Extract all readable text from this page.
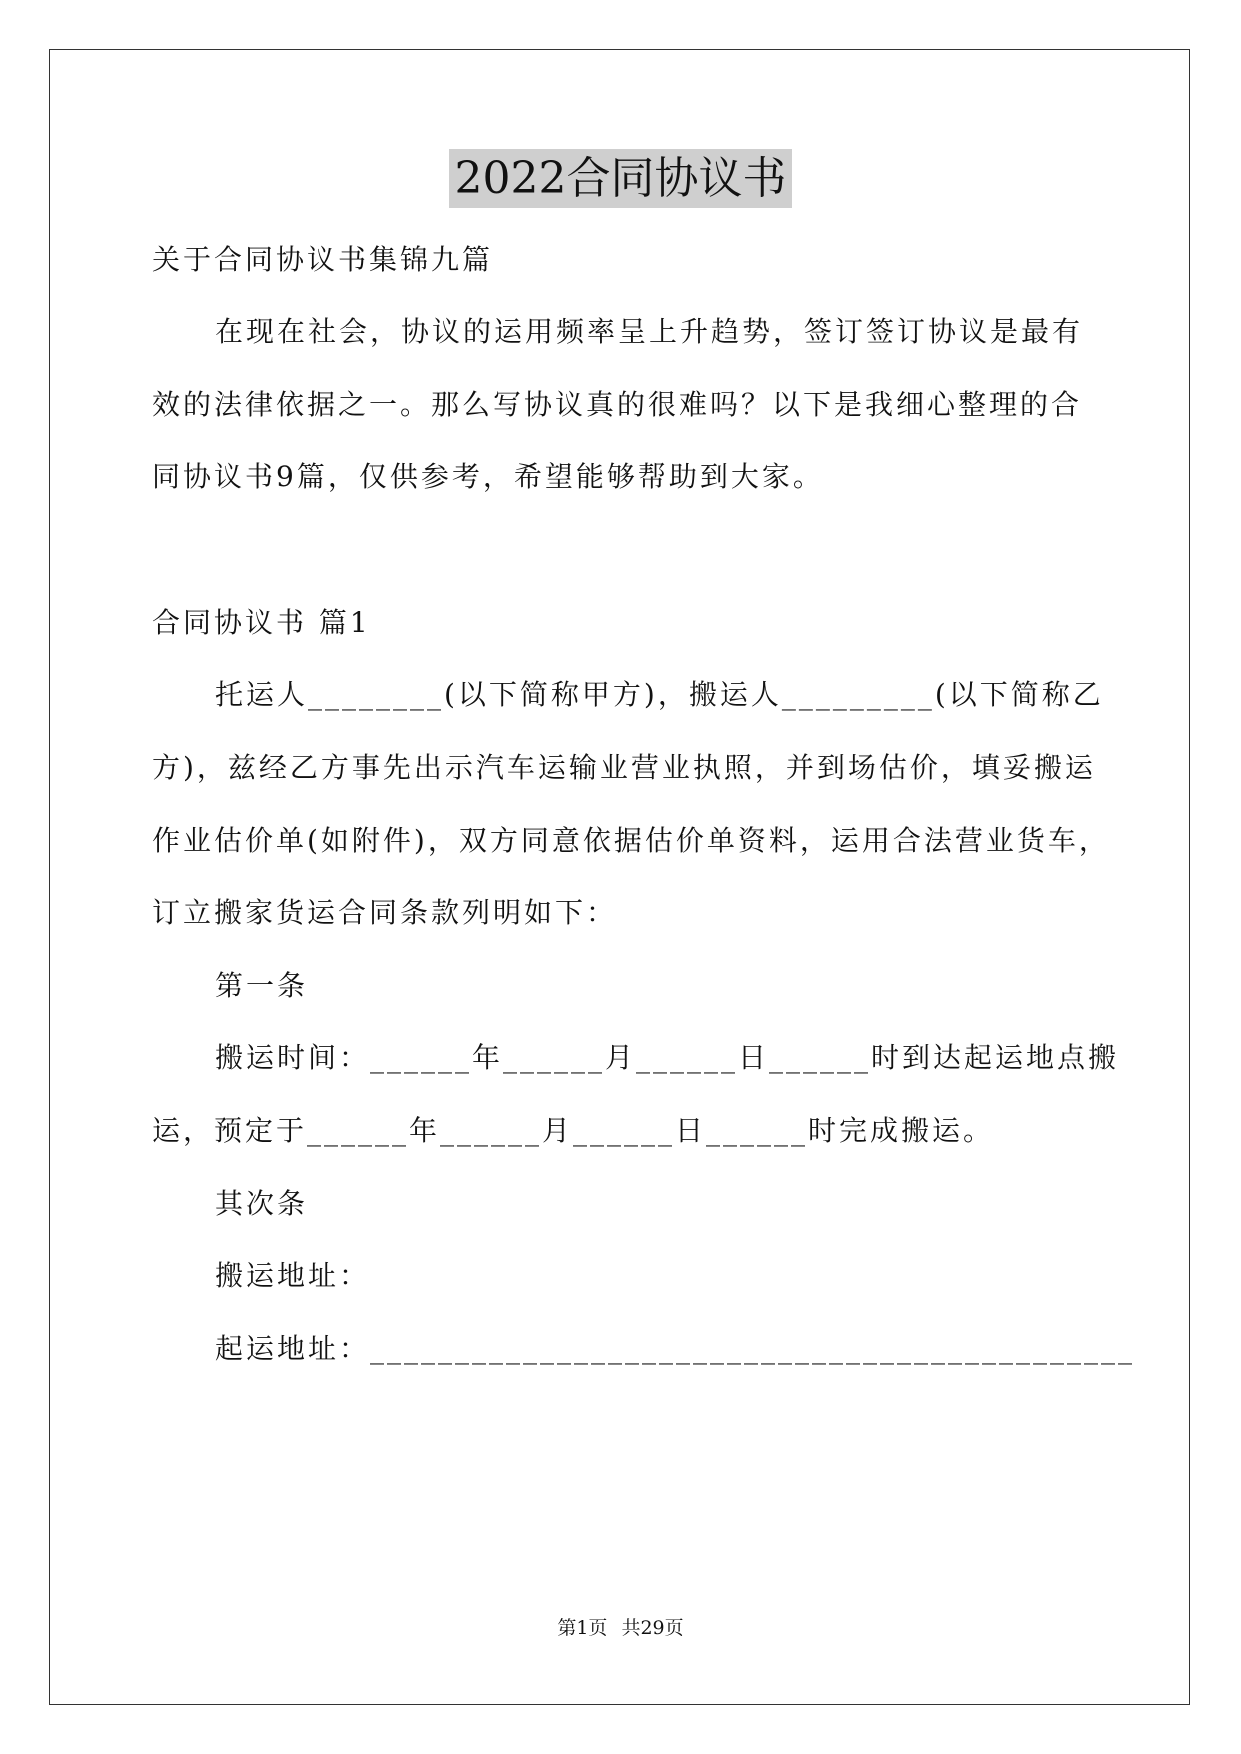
2022合同协议书
关于合同协议书集锦九篇
在现在社会，协议的运用频率呈上升趋势，签订签订协议是最有
效的法律依据之一。那么写协议真的很难吗？以下是我细心整理的合
同协议书9篇，仅供参考，希望能够帮助到大家。
合同协议书 篇1
托运人________(以下简称甲方)，搬运人_________(以下简称乙
方)，兹经乙方事先出示汽车运输业营业执照，并到场估价，填妥搬运
作业估价单(如附件)，双方同意依据估价单资料，运用合法营业货车，
订立搬家货运合同条款列明如下：
第一条
搬运时间：______年______月______日______时到达起运地点搬
运，预定于______年______月______日______时完成搬运。
其次条
搬运地址：
起运地址：_____________________________________________
第1页 共29页
